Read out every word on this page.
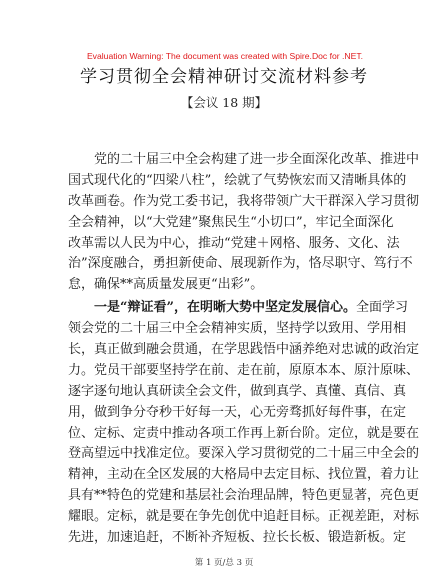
Evaluation Warning: The document was created with Spire.Doc for .NET.
学习贯彻全会精神研讨交流材料参考
【会议 18 期】
党的二十届三中全会构建了进一步全面深化改革、推进中
国式现代化的“四梁八柱”，绘就了气势恢宏而又清晰具体的
改革画卷。作为党工委书记，我将带领广大干群深入学习贯彻
全会精神，以“大党建”聚焦民生“小切口”，牢记全面深化
改革需以人民为中心，推动“党建＋网格、服务、文化、法
治”深度融合，勇担新使命、展现新作为，恪尽职守、笃行不
怠，确保**高质量发展更“出彩”。
一是“辩证看”，在明晰大势中坚定发展信心。全面学习
领会党的二十届三中全会精神实质，坚持学以致用、学用相
长，真正做到融会贯通，在学思践悟中涵养绝对忠诚的政治定
力。党员干部要坚持学在前、走在前，原原本本、原汁原味、
逐字逐句地认真研读全会文件，做到真学、真懂、真信、真
用，做到争分夺秒干好每一天，心无旁骛抓好每件事，在定
位、定标、定责中推动各项工作再上新台阶。定位，就是要在
登高望远中找准定位。要深入学习贯彻党的二十届三中全会的
精神，主动在全区发展的大格局中去定目标、找位置，着力让
具有**特色的党建和基层社会治理品牌，特色更显著，亮色更
耀眼。定标，就是要在争先创优中追赶目标。正视差距，对标
先进，加速追赶，不断补齐短板、拉长长板、锻造新板。定
第 1 页/总 3 页
